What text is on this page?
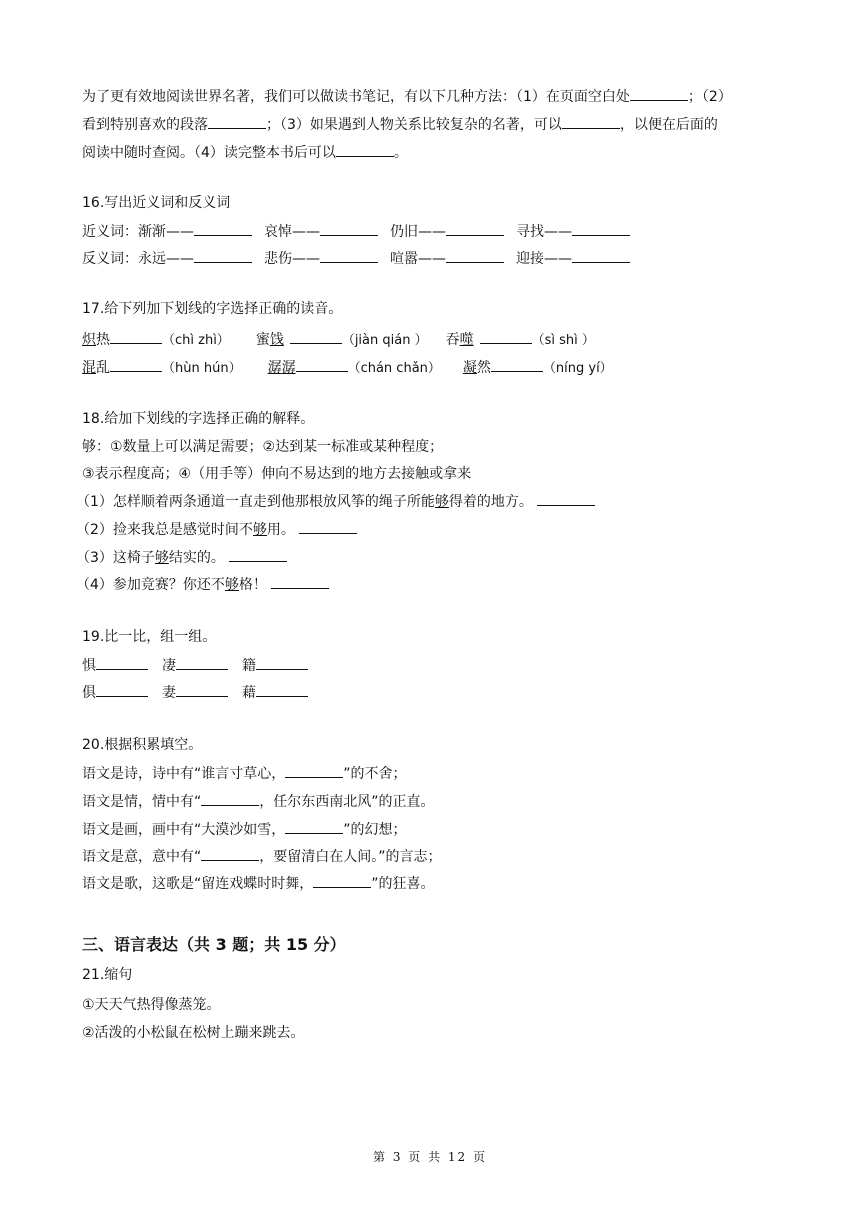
为了更有效地阅读世界名著，我们可以做读书笔记，有以下几种方法：（1）在页面空白处	；（2）
看到特别喜欢的段落	；（3）如果遇到人物关系比较复杂的名著，可以	，以便在后面的
阅读中随时查阅。（4）读完整本书后可以	。
16.写出近义词和反义词
近义词：渐渐——	哀悼——	仍旧——	寻找——
反义词：永远——	悲伤——	喧嚣——	迎接——
17.给下列加下划线的字选择正确的读音。
炽热	（chì zhì） 蜜饯	（jiàn qián ） 吞噬	（sì shì ）
混乱	（hùn hún） 潺潺	（chán chǎn） 凝然	（níng yí）
18.给加下划线的字选择正确的解释。
够：①数量上可以满足需要；②达到某一标准或某种程度；
③表示程度高；④（用手等）伸向不易达到的地方去接触或拿来
（1）怎样顺着两条通道一直走到他那根放风筝的绳子所能够得着的地方。
（2）捡来我总是感觉时间不够用。
（3）这椅子够结实的。
（4）参加竞赛？你还不够格！
19.比一比，组一组。
惧	凄	籍
俱	妻	藉
20.根据积累填空。
语文是诗，诗中有“谁言寸草心，	”的不舍；
语文是情，情中有“	，任尔东西南北风”的正直。
语文是画，画中有“大漠沙如雪，	”的幻想；
语文是意，意中有“	，要留清白在人间。”的言志；
语文是歌，这歌是“留连戏蝶时时舞，	”的狂喜。
三、语言表达（共 3 题；共 15 分）
21.缩句
①天天气热得像蒸笼。
②活泼的小松鼠在松树上蹦来跳去。
第 3 页 共 12 页
